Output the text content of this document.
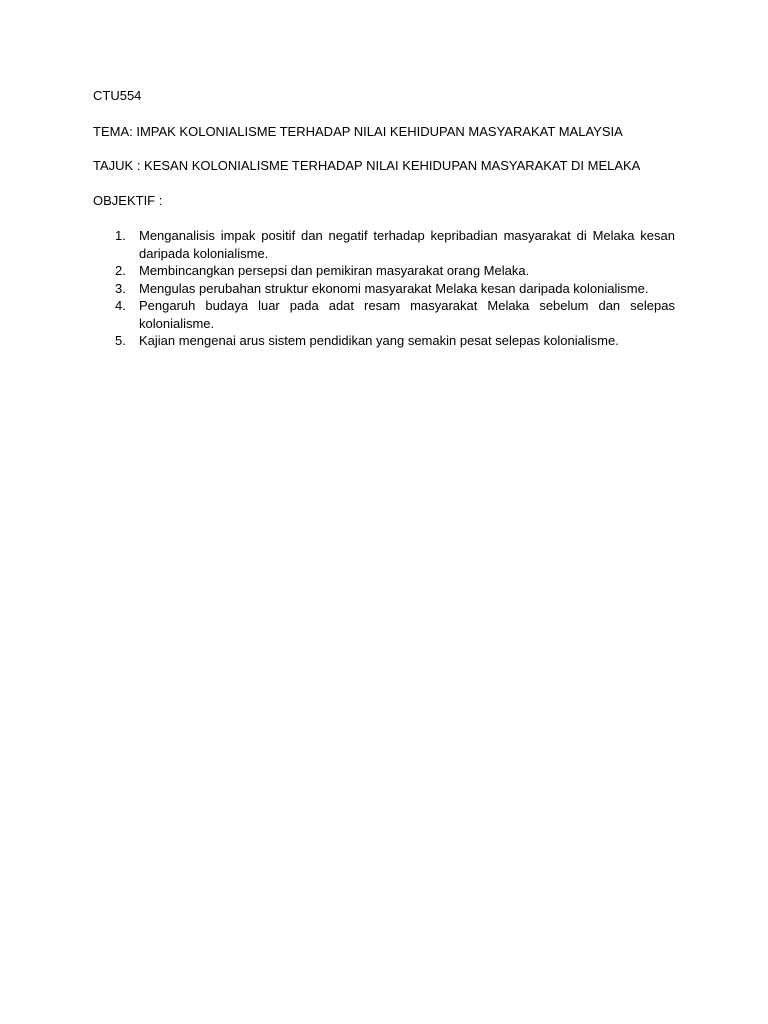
CTU554

TEMA: IMPAK KOLONIALISME TERHADAP NILAI KEHIDUPAN MASYARAKAT MALAYSIA

TAJUK : KESAN KOLONIALISME TERHADAP NILAI KEHIDUPAN MASYARAKAT DI MELAKA

OBJEKTIF :

1.	Menganalisis impak positif dan negatif terhadap kepribadian masyarakat di Melaka kesan daripada kolonialisme.
2.	Membincangkan persepsi dan pemikiran masyarakat orang Melaka.
3.	Mengulas perubahan struktur ekonomi masyarakat Melaka kesan daripada kolonialisme.
4.	Pengaruh budaya luar pada adat resam masyarakat Melaka sebelum dan selepas kolonialisme.
5.	Kajian mengenai arus sistem pendidikan yang semakin pesat selepas kolonialisme.
